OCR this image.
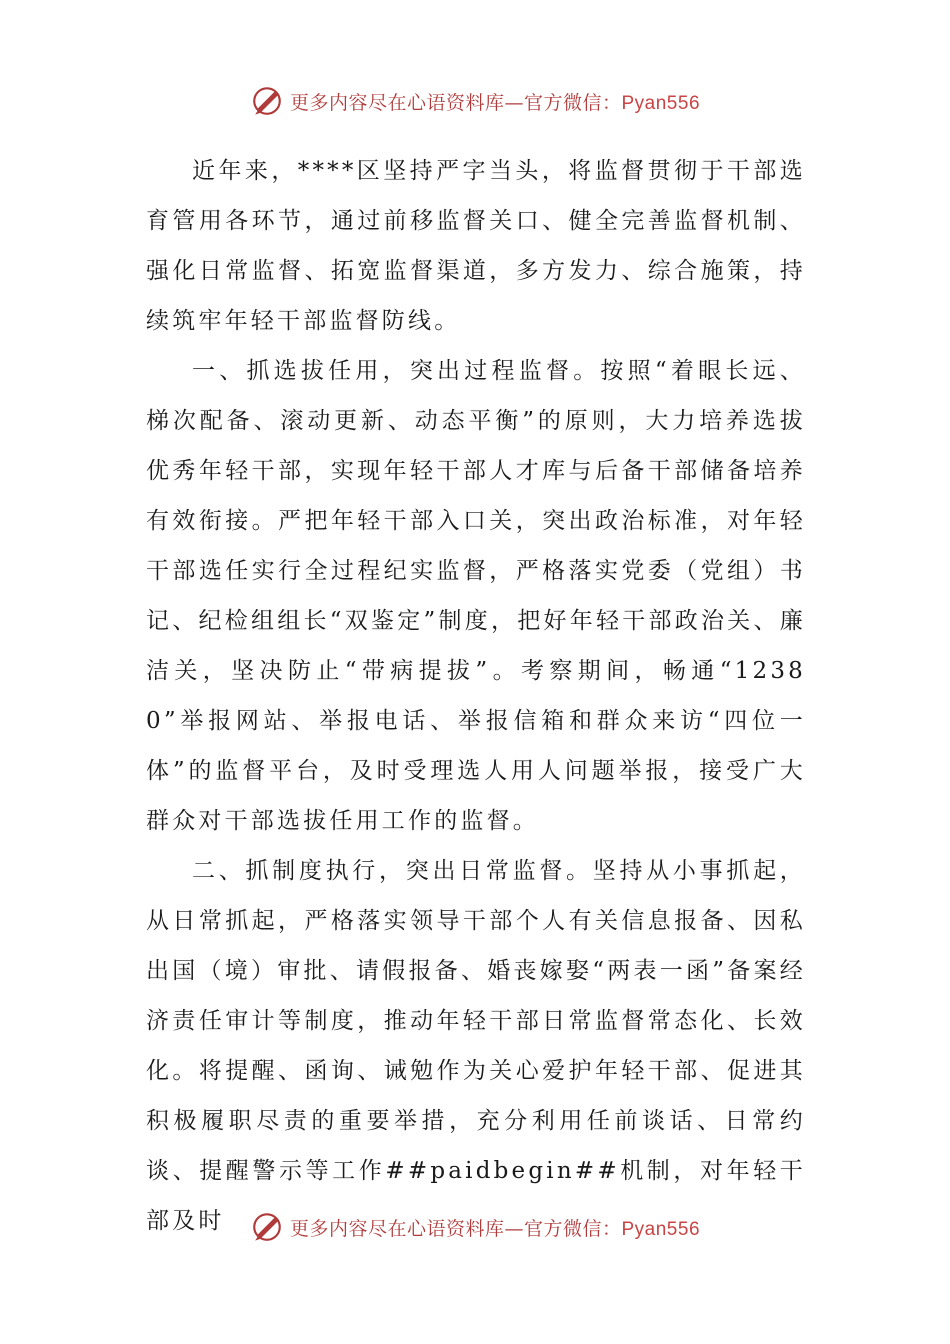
更多内容尽在心语资料库—官方微信：Pyan556

近年来，****区坚持严字当头，将监督贯彻于干部选育管用各环节，通过前移监督关口、健全完善监督机制、强化日常监督、拓宽监督渠道，多方发力、综合施策，持续筑牢年轻干部监督防线。

一、抓选拔任用，突出过程监督。按照“着眼长远、梯次配备、滚动更新、动态平衡”的原则，大力培养选拔优秀年轻干部，实现年轻干部人才库与后备干部储备培养有效衔接。严把年轻干部入口关，突出政治标准，对年轻干部选任实行全过程纪实监督，严格落实党委（党组）书记、纪检组组长“双鉴定”制度，把好年轻干部政治关、廉洁关，坚决防止“带病提拔”。考察期间，畅通“12380”举报网站、举报电话、举报信箱和群众来访“四位一体”的监督平台，及时受理选人用人问题举报，接受广大群众对干部选拔任用工作的监督。

二、抓制度执行，突出日常监督。坚持从小事抓起，从日常抓起，严格落实领导干部个人有关信息报备、因私出国（境）审批、请假报备、婚丧嫁娶“两表一函”备案经济责任审计等制度，推动年轻干部日常监督常态化、长效化。将提醒、函询、诫勉作为关心爱护年轻干部、促进其积极履职尽责的重要举措，充分利用任前谈话、日常约谈、提醒警示等工作##paidbegin##机制，对年轻干部及时	更多内容尽在心语资料库—官方微信：Pyan556
